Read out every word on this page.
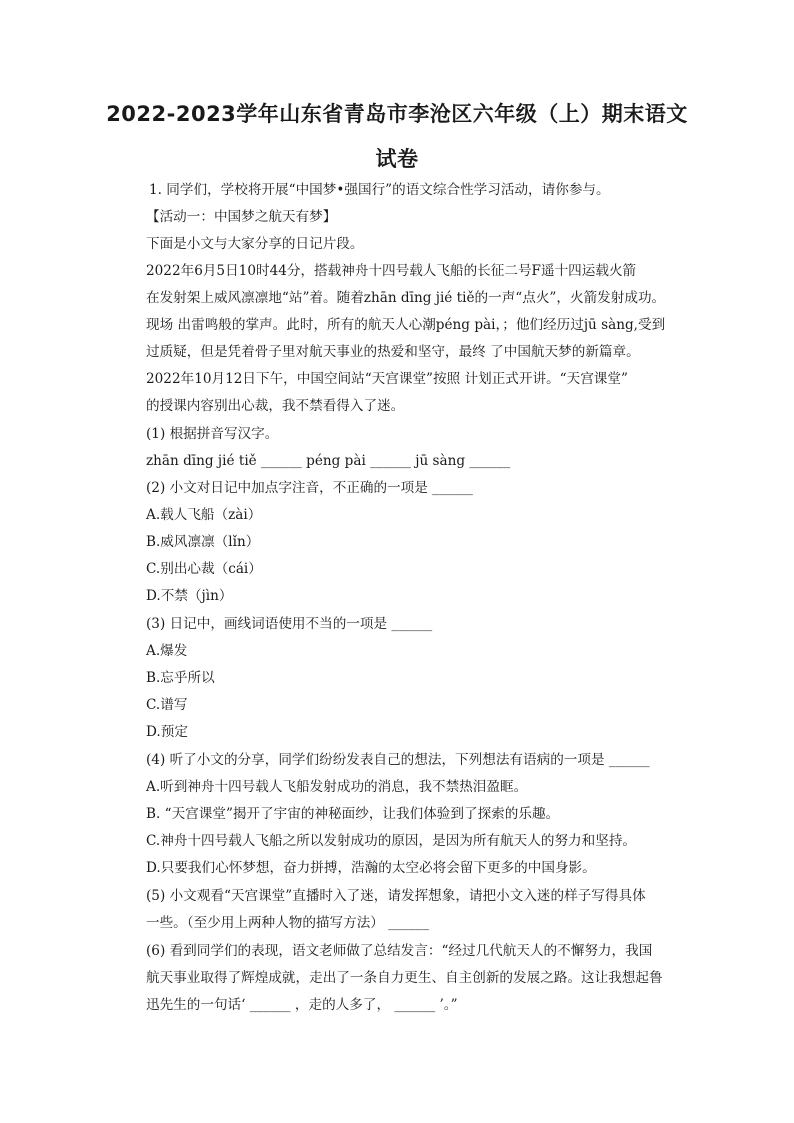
2022-2023学年山东省青岛市李沧区六年级（上）期末语文
试卷
1. 同学们，学校将开展“中国梦•强国行”的语文综合性学习活动，请你参与。
【活动一：中国梦之航天有梦】
下面是小文与大家分享的日记片段。
2022年6月5日10时44分，搭载神舟十四号载人飞船的长征二号F遥十四运载火箭
在发射架上威风凛凛地“站”着。随着zhān dīng jié tiě的一声“点火”，火箭发射成功。
现场 出雷鸣般的掌声。此时，所有的航天人心潮péng pài，；他们经历过jū sàng,受到
过质疑，但是凭着骨子里对航天事业的热爱和坚守，最终 了中国航天梦的新篇章。
2022年10月12日下午，中国空间站“天宫课堂”按照 计划正式开讲。“天宫课堂”
的授课内容别出心裁，我不禁看得入了迷。
(1) 根据拼音写汉字。
zhān dīng jié tiě ______ péng pài ______ jū sàng ______
(2) 小文对日记中加点字注音，不正确的一项是 ______
A.载人飞船（zài）
B.威风凛凛（lǐn）
C.别出心裁（cái）
D.不禁（jìn）
(3) 日记中，画线词语使用不当的一项是 ______
A.爆发
B.忘乎所以
C.谱写
D.预定
(4) 听了小文的分享，同学们纷纷发表自己的想法，下列想法有语病的一项是 ______
A.听到神舟十四号载人飞船发射成功的消息，我不禁热泪盈眶。
B. “天宫课堂”揭开了宇宙的神秘面纱，让我们体验到了探索的乐趣。
C.神舟十四号载人飞船之所以发射成功的原因，是因为所有航天人的努力和坚持。
D.只要我们心怀梦想，奋力拼搏，浩瀚的太空必将会留下更多的中国身影。
(5) 小文观看“天宫课堂”直播时入了迷，请发挥想象，请把小文入迷的样子写得具体
一些。（至少用上两种人物的描写方法） ______
(6) 看到同学们的表现，语文老师做了总结发言：“经过几代航天人的不懈努力，我国
航天事业取得了辉煌成就，走出了一条自力更生、自主创新的发展之路。这让我想起鲁
迅先生的一句话‘ ______ ，走的人多了， ______ ’。”
